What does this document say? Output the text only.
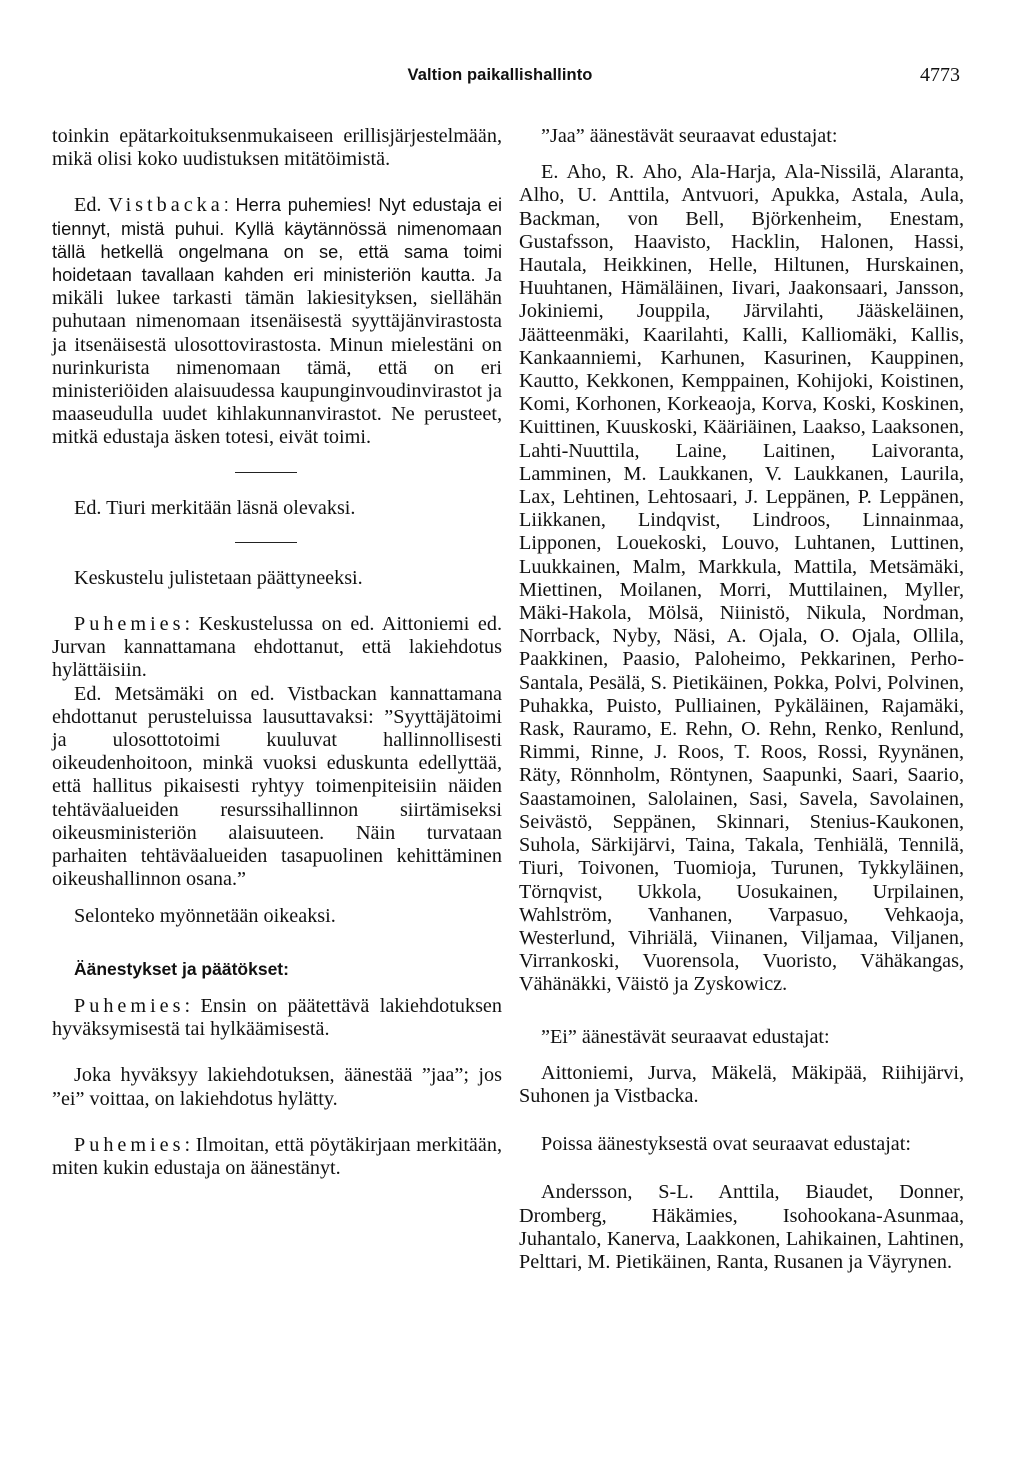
Valtion paikallishallinto	4773

toinkin epätarkoituksenmukaiseen erillisjärjestelmään, mikä olisi koko uudistuksen mitätöimistä.

Ed. Vistbacka: Herra puhemies! Nyt edustaja ei tiennyt, mistä puhui. Kyllä käytännössä nimenomaan tällä hetkellä ongelmana on se, että sama toimi hoidetaan tavallaan kahden eri ministeriön kautta. Ja mikäli lukee tarkasti tämän lakiesityksen, siellähän puhutaan nimenomaan itsenäisestä syyttäjänvirastosta ja itsenäisestä ulosottovirastosta. Minun mielestäni on nurinkurista nimenomaan tämä, että on eri ministeriöiden alaisuudessa kaupunginvoudinvirastot ja maaseudulla uudet kihlakunnanvirastot. Ne perusteet, mitkä edustaja äsken totesi, eivät toimi.

Ed. Tiuri merkitään läsnä olevaksi.

Keskustelu julistetaan päättyneeksi.

Puhemies: Keskustelussa on ed. Aittoniemi ed. Jurvan kannattamana ehdottanut, että lakiehdotus hylättäisiin.

Ed. Metsämäki on ed. Vistbackan kannattamana ehdottanut perusteluissa lausuttavaksi: ”Syyttäjätoimi ja ulosottotoimi kuuluvat hallinnollisesti oikeudenhoitoon, minkä vuoksi eduskunta edellyttää, että hallitus pikaisesti ryhtyy toimenpiteisiin näiden tehtäväalueiden resurssihallinnon siirtämiseksi oikeusministeriön alaisuuteen. Näin turvataan parhaiten tehtäväalueiden tasapuolinen kehittäminen oikeushallinnon osana.”

Selonteko myönnetään oikeaksi.

Äänestykset ja päätökset:

Puhemies: Ensin on päätettävä lakiehdotuksen hyväksymisestä tai hylkäämisestä.

Joka hyväksyy lakiehdotuksen, äänestää ”jaa”; jos ”ei” voittaa, on lakiehdotus hylätty.

Puhemies: Ilmoitan, että pöytäkirjaan merkitään, miten kukin edustaja on äänestänyt.

”Jaa” äänestävät seuraavat edustajat:

E. Aho, R. Aho, Ala-Harja, Ala-Nissilä, Alaranta, Alho, U. Anttila, Antvuori, Apukka, Astala, Aula, Backman, von Bell, Björkenheim, Enestam, Gustafsson, Haavisto, Hacklin, Halonen, Hassi, Hautala, Heikkinen, Helle, Hiltunen, Hurskainen, Huuhtanen, Hämäläinen, Iivari, Jaakonsaari, Jansson, Jokiniemi, Jouppila, Järvilahti, Jääskeläinen, Jäätteenmäki, Kaarilahti, Kalli, Kalliomäki, Kallis, Kankaanniemi, Karhunen, Kasurinen, Kauppinen, Kautto, Kekkonen, Kemppainen, Kohijoki, Koistinen, Komi, Korhonen, Korkeaoja, Korva, Koski, Koskinen, Kuittinen, Kuuskoski, Kääriäinen, Laakso, Laaksonen, Lahti-Nuuttila, Laine, Laitinen, Laivoranta, Lamminen, M. Laukkanen, V. Laukkanen, Laurila, Lax, Lehtinen, Lehtosaari, J. Leppänen, P. Leppänen, Liikkanen, Lindqvist, Lindroos, Linnainmaa, Lipponen, Louekoski, Louvo, Luhtanen, Luttinen, Luukkainen, Malm, Markkula, Mattila, Metsämäki, Miettinen, Moilanen, Morri, Muttilainen, Myller, Mäki-Hakola, Mölsä, Niinistö, Nikula, Nordman, Norrback, Nyby, Näsi, A. Ojala, O. Ojala, Ollila, Paakkinen, Paasio, Paloheimo, Pekkarinen, Perho-Santala, Pesälä, S. Pietikäinen, Pokka, Polvi, Polvinen, Puhakka, Puisto, Pulliainen, Pykäläinen, Rajamäki, Rask, Rauramo, E. Rehn, O. Rehn, Renko, Renlund, Rimmi, Rinne, J. Roos, T. Roos, Rossi, Ryynänen, Räty, Rönnholm, Röntynen, Saapunki, Saari, Saario, Saastamoinen, Salolainen, Sasi, Savela, Savolainen, Seivästö, Seppänen, Skinnari, Stenius-Kaukonen, Suhola, Särkijärvi, Taina, Takala, Tenhiälä, Tennilä, Tiuri, Toivonen, Tuomioja, Turunen, Tykkyläinen, Törnqvist, Ukkola, Uosukainen, Urpilainen, Wahlström, Vanhanen, Varpasuo, Vehkaoja, Westerlund, Vihriälä, Viinanen, Viljamaa, Viljanen, Virrankoski, Vuorensola, Vuoristo, Vähäkangas, Vähänäkki, Väistö ja Zyskowicz.

”Ei” äänestävät seuraavat edustajat:

Aittoniemi, Jurva, Mäkelä, Mäkipää, Riihijärvi, Suhonen ja Vistbacka.

Poissa äänestyksestä ovat seuraavat edustajat:

Andersson, S-L. Anttila, Biaudet, Donner, Dromberg, Häkämies, Isohookana-Asunmaa, Juhantalo, Kanerva, Laakkonen, Lahikainen, Lahtinen, Pelttari, M. Pietikäinen, Ranta, Rusanen ja Väyrynen.
